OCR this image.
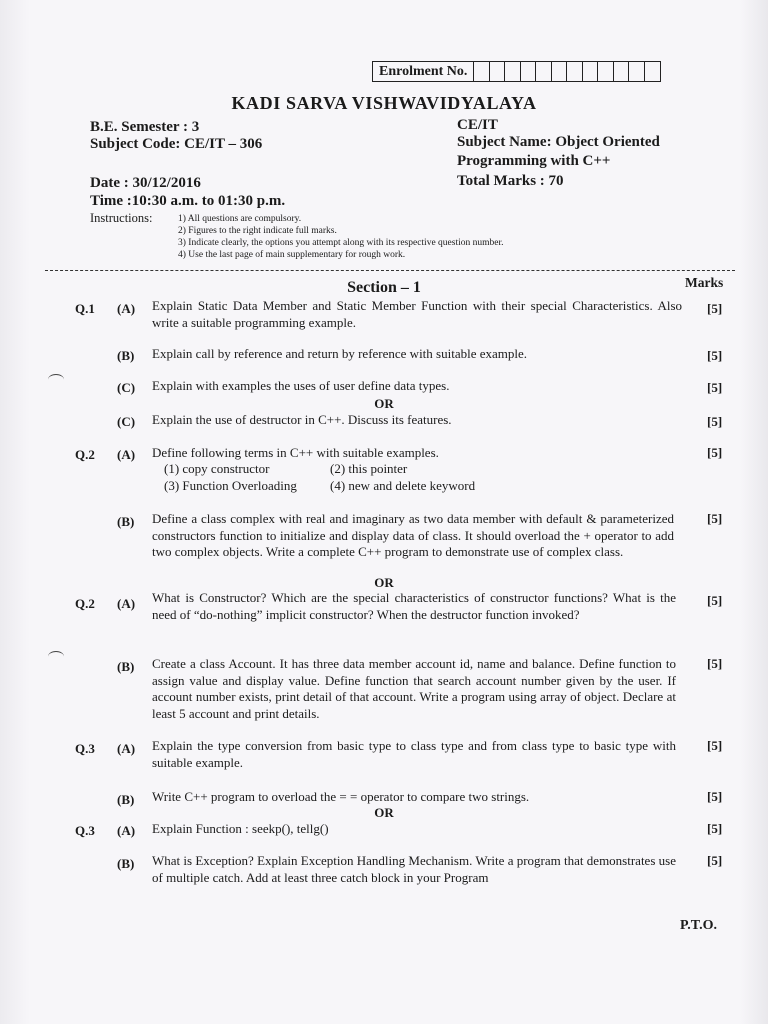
Enrolment No.
KADI SARVA VISHWAVIDYALAYA
B.E. Semester : 3
Subject Code: CE/IT – 306
CE/IT
Subject Name: Object Oriented
Programming with C++
Date : 30/12/2016	Total Marks : 70
Time :10:30 a.m. to 01:30 p.m.
Instructions:	1) All questions are compulsory.
2) Figures to the right indicate full marks.
3) Indicate clearly, the options you attempt along with its respective question number.
4) Use the last page of main supplementary for rough work.
Section – 1	Marks
Q.1 (A) Explain Static Data Member and Static Member Function with their special Characteristics. Also write a suitable programming example.
[5]
(B) Explain call by reference and return by reference with suitable example.	[5]
(C) Explain with examples the uses of user define data types.	[5]
OR
(C) Explain the use of destructor in C++. Discuss its features.	[5]
Q.2 (A) Define following terms in C++ with suitable examples.	[5]
(1) copy constructor	(2) this pointer
(3) Function Overloading	(4) new and delete keyword
(B) Define a class complex with real and imaginary as two data member with default & parameterized constructors function to initialize and display data of class. It should overload the + operator to add two complex objects. Write a complete C++ program to demonstrate use of complex class.
[5]
OR
Q.2 (A) What is Constructor? Which are the special characteristics of constructor functions? What is the need of “do-nothing” implicit constructor? When the destructor function invoked?
[5]
(B) Create a class Account. It has three data member account id, name and balance. Define function to assign value and display value. Define function that search account number given by the user. If account number exists, print detail of that account. Write a program using array of object. Declare at least 5 account and print details.
[5]
Q.3 (A) Explain the type conversion from basic type to class type and from class type to basic type with suitable example.
[5]
(B) Write C++ program to overload the = = operator to compare two strings.	[5]
OR
Q.3 (A) Explain Function : seekp(), tellg()	[5]
(B) What is Exception? Explain Exception Handling Mechanism. Write a program that demonstrates use of multiple catch. Add at least three catch block in your Program
[5]
P.T.O.
